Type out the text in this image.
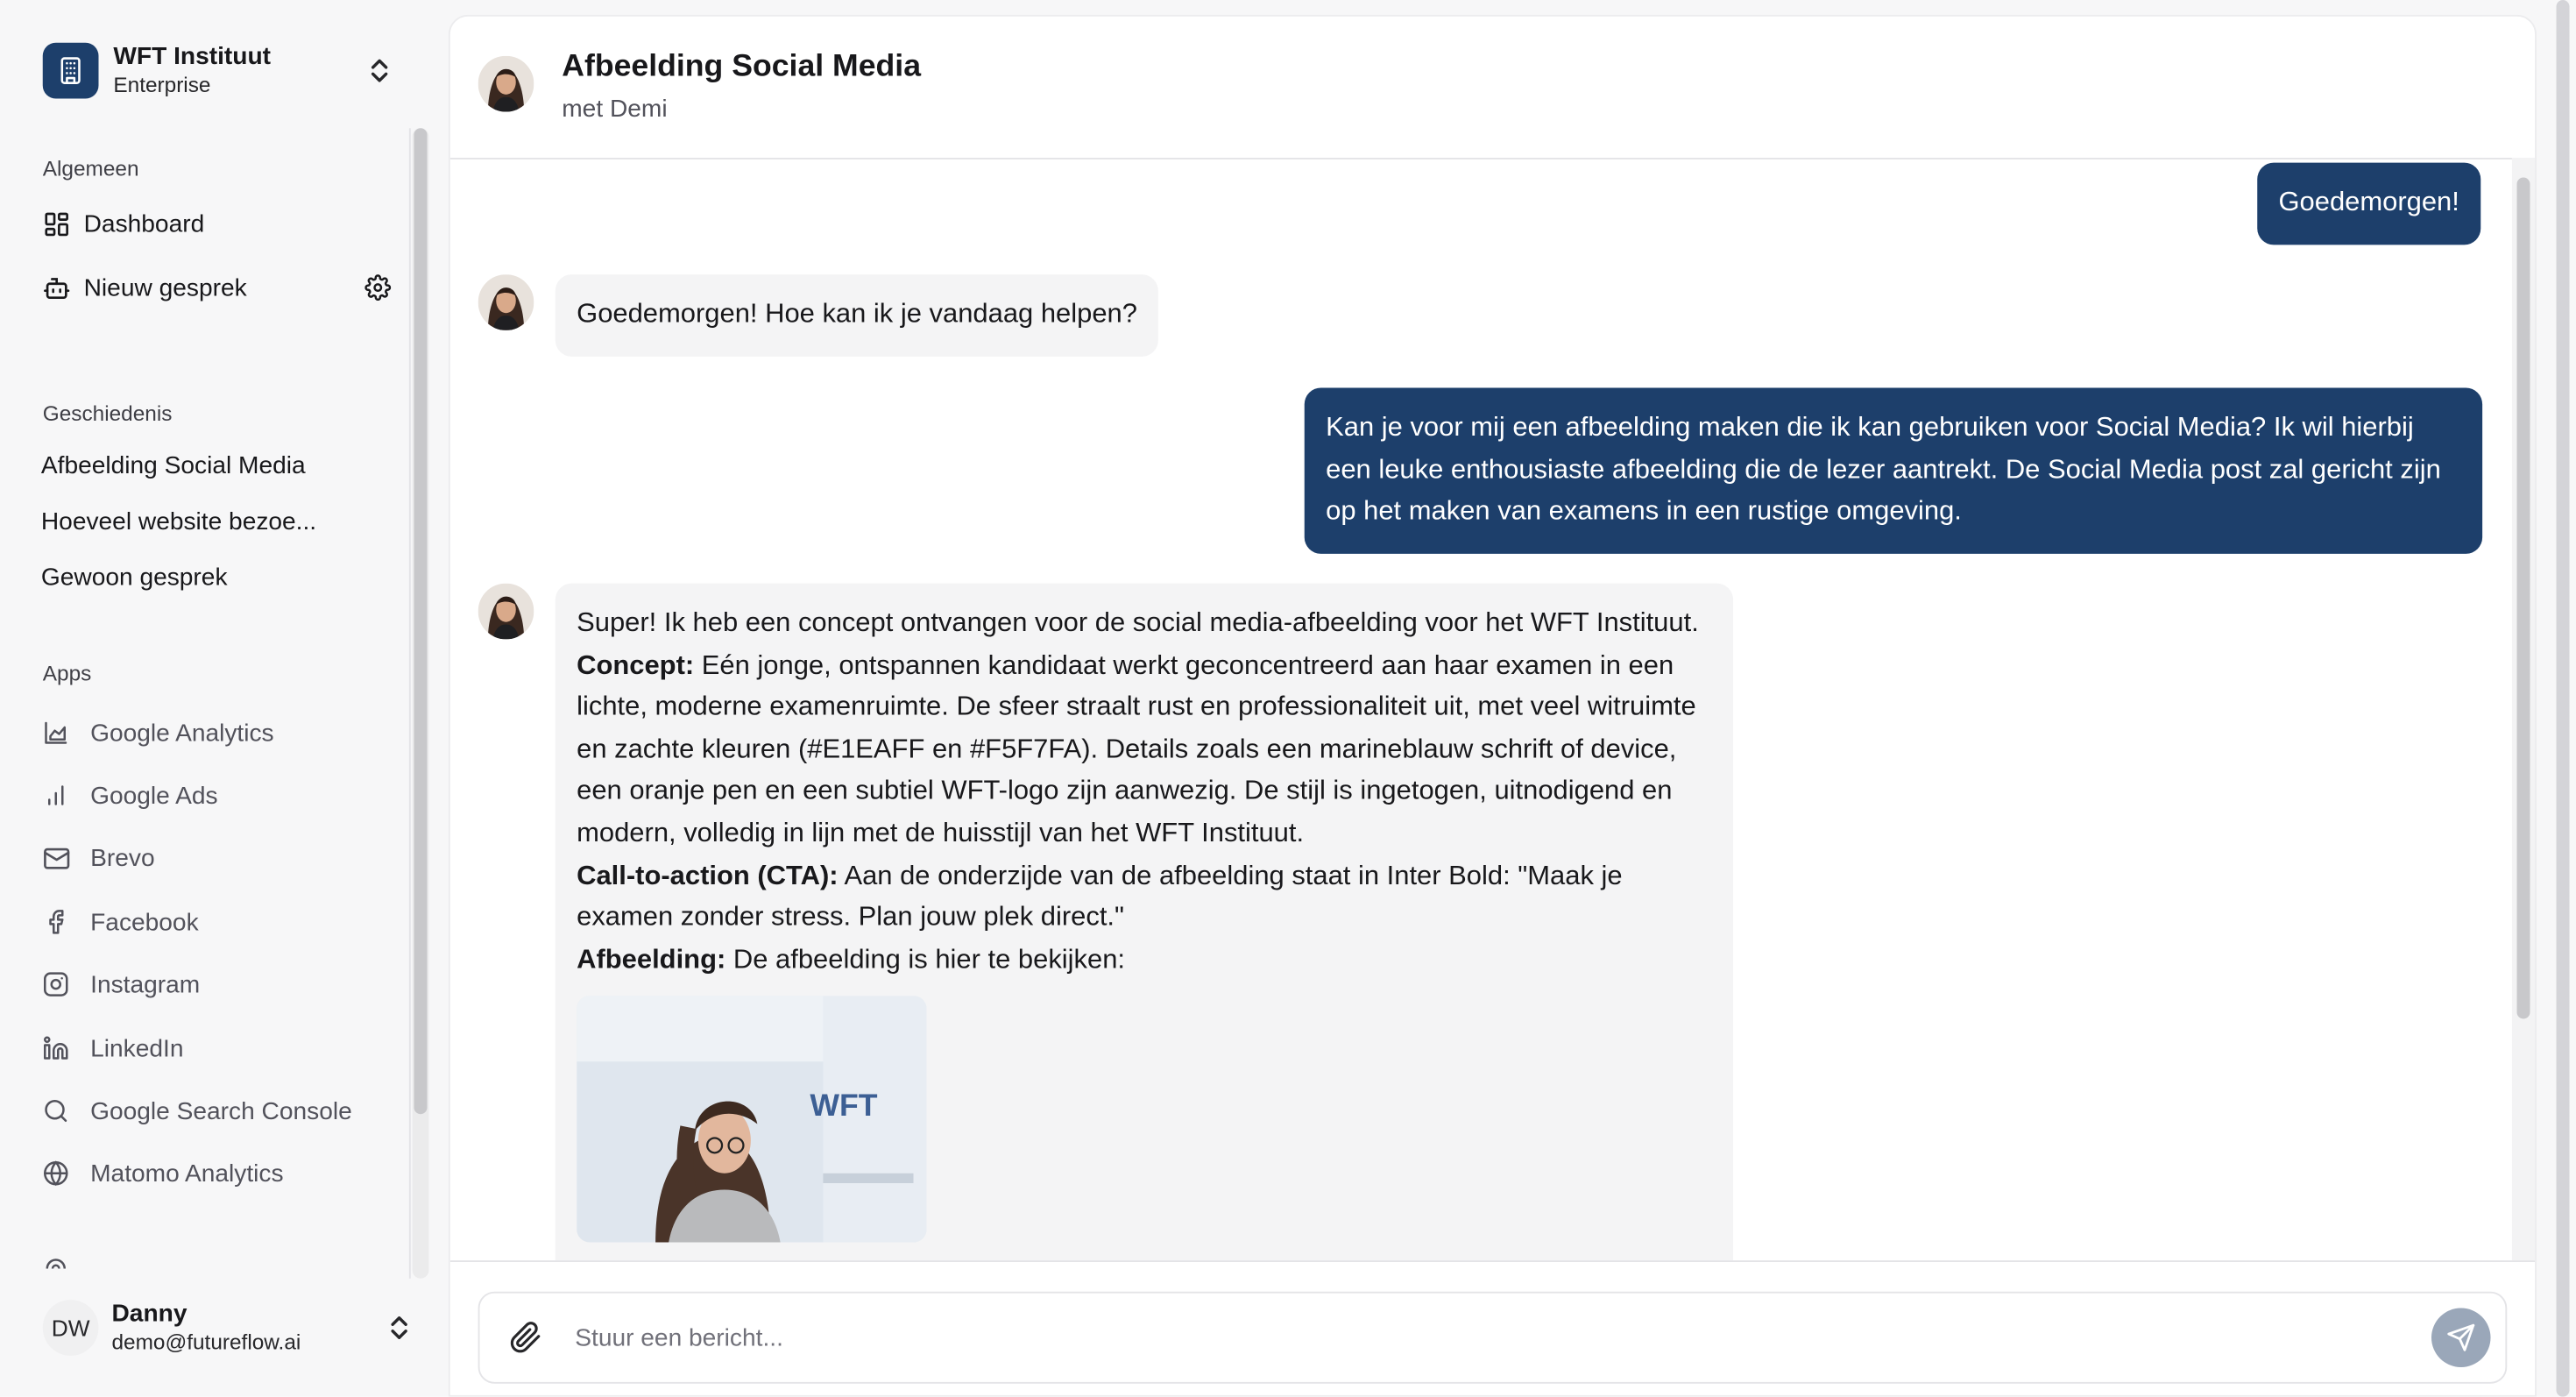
WFT Instituut
Enterprise
Algemeen
Dashboard
Nieuw gesprek
Geschiedenis
Afbeelding Social Media
Hoeveel website bezoe...
Gewoon gesprek
Apps
Google Analytics
Google Ads
Brevo
Facebook
Instagram
LinkedIn
Google Search Console
Matomo Analytics
DW	Danny
demo@futureflow.ai
Afbeelding Social Media
met Demi
Goedemorgen!
Goedemorgen! Hoe kan ik je vandaag helpen?
Kan je voor mij een afbeelding maken die ik kan gebruiken voor Social Media? Ik wil hierbij een leuke enthousiaste afbeelding die de lezer aantrekt. De Social Media post zal gericht zijn op het maken van examens in een rustige omgeving.
Super! Ik heb een concept ontvangen voor de social media-afbeelding voor het WFT Instituut.
Concept: Eén jonge, ontspannen kandidaat werkt geconcentreerd aan haar examen in een lichte, moderne examenruimte. De sfeer straalt rust en professionaliteit uit, met veel witruimte en zachte kleuren (#E1EAFF en #F5F7FA). Details zoals een marineblauw schrift of device, een oranje pen en een subtiel WFT-logo zijn aanwezig. De stijl is ingetogen, uitnodigend en modern, volledig in lijn met de huisstijl van het WFT Instituut.
Call-to-action (CTA): Aan de onderzijde van de afbeelding staat in Inter Bold: "Maak je examen zonder stress. Plan jouw plek direct."
Afbeelding: De afbeelding is hier te bekijken:
WFT
Stuur een bericht...
